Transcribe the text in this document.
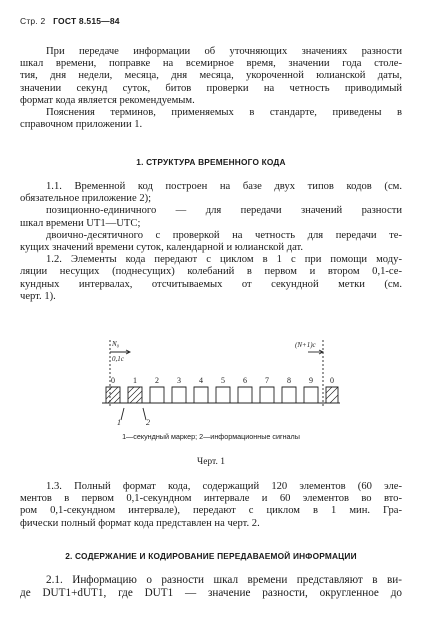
Стр. 2 ГОСТ 8.515—84
При передаче информации об уточняющих значениях разности
шкал времени, поправке на всемирное время, значении года столе-
тия, дня недели, месяца, дня месяца, укороченной юлианской даты,
значении секунд суток, битов проверки на четность приводимый
формат кода является рекомендуемым.
Пояснения терминов, применяемых в стандарте, приведены в
справочном приложении 1.
1. СТРУКТУРА ВРЕМЕННОГО КОДА
1.1. Временной код построен на базе двух типов кодов (см.
обязательное приложение 2);
позиционно-единичного — для передачи значений разности
шкал времени UT1—UTC;
двоично-десятичного с проверкой на четность для передачи те-
кущих значений времени суток, календарной и юлианской дат.
1.2. Элементы кода передают с циклом в 1 с при помощи моду-
ляции несущих (поднесущих) колебаний в первом и втором 0,1-се-
кундных интервалах, отсчитываемых от секундной метки (см.
черт. 1).
N₀
0,1с
(N+1)с
0 1 2 3 4 5 6 7 8 9 0
1	2
1—секундный маркер; 2—информационные сигналы
Черт. 1
1.3. Полный формат кода, содержащий 120 элементов (60 эле-
ментов в первом 0,1-секундном интервале и 60 элементов во вто-
ром 0,1-секундном интервале), передают с циклом в 1 мин. Гра-
фически полный формат кода представлен на черт. 2.
2. СОДЕРЖАНИЕ И КОДИРОВАНИЕ ПЕРЕДАВАЕМОЙ ИНФОРМАЦИИ
2.1. Информацию о разности шкал времени представляют в ви-
де DUT1+dUT1, где DUT1 — значение разности, округленное до
